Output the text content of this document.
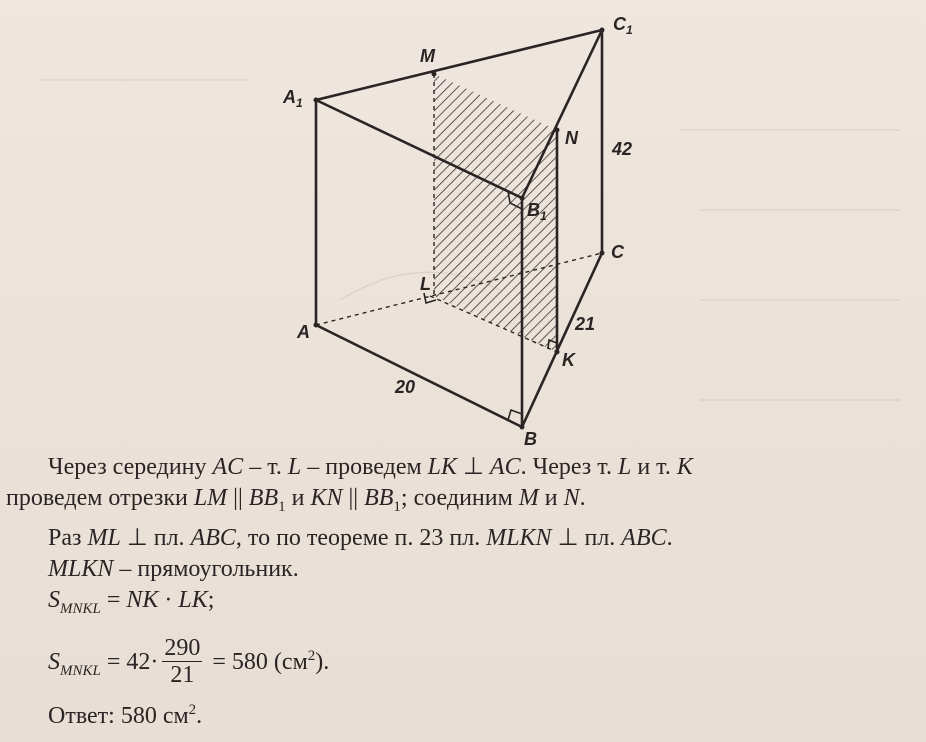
$A_1$
$C_1$
M
N
$B_1$
42
C
L
21
K
A
20
B
Через середину AC – т. L – проведем LK ⊥ AC. Через т. L и т. K
проведем отрезки LM || $BB_1$ и KN || $BB_1$; соединим M и N.
Раз ML ⊥ пл. ABC, то по теореме п. 23 пл. MLKN ⊥ пл. ABC.
MLKN – прямоугольник.
$S_{MNKL}$ = NK · LK;
$S_{MNKL} = 42\cdot \frac{290}{21} = 580$ $(см^2)$.
Ответ: 580 $см^2$.
